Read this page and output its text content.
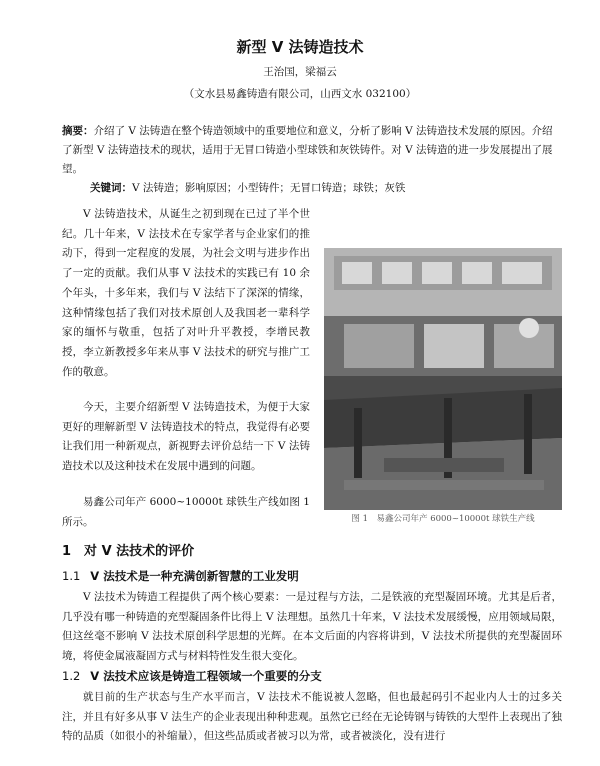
新型 V 法铸造技术
王治国，梁福云
（文水县易鑫铸造有限公司，山西文水 032100）
摘要：介绍了 V 法铸造在整个铸造领域中的重要地位和意义，分析了影响 V 法铸造技术发展的原因。介绍了新型 V 法铸造技术的现状，适用于无冒口铸造小型球铁和灰铁铸件。对 V 法铸造的进一步发展提出了展望。
关键词：V 法铸造；影响原因；小型铸件；无冒口铸造；球铁；灰铁

V 法铸造技术，从诞生之初到现在已过了半个世纪。几十年来，V 法技术在专家学者与企业家们的推动下，得到一定程度的发展，为社会文明与进步作出了一定的贡献。我们从事 V 法技术的实践已有 10 余个年头，十多年来，我们与 V 法结下了深深的情缘，这种情缘包括了我们对技术原创人及我国老一辈科学家的缅怀与敬重，包括了对叶升平教授，李增民教授，李立新教授多年来从事 V 法技术的研究与推广工作的敬意。

今天，主要介绍新型 V 法铸造技术，为便于大家更好的理解新型 V 法铸造技术的特点，我觉得有必要让我们用一种新观点，新视野去评价总结一下 V 法铸造技术以及这种技术在发展中遇到的问题。

易鑫公司年产 6000~10000t 球铁生产线如图 1 所示。	图 1　易鑫公司年产 6000~10000t 球铁生产线
1　对 V 法技术的评价
1.1 V 法技术是一种充满创新智慧的工业发明

V 法技术为铸造工程提供了两个核心要素：一是过程与方法，二是铁液的充型凝固环境。尤其是后者，几乎没有哪一种铸造的充型凝固条件比得上 V 法理想。虽然几十年来，V 法技术发展缓慢，应用领域局限，但这丝毫不影响 V 法技术原创科学思想的光辉。在本文后面的内容将讲到，V 法技术所提供的充型凝固环境，将使金属液凝固方式与材料特性发生很大变化。

1.2 V 法技术应该是铸造工程领域一个重要的分支

就目前的生产状态与生产水平而言，V 法技术不能说被人忽略，但也最起码引不起业内人士的过多关注，并且有好多从事 V 法生产的企业表现出种种悲观。虽然它已经在无论铸钢与铸铁的大型件上表现出了独特的品质（如很小的补缩量），但这些品质或者被习以为常，或者被淡化，没有进行
